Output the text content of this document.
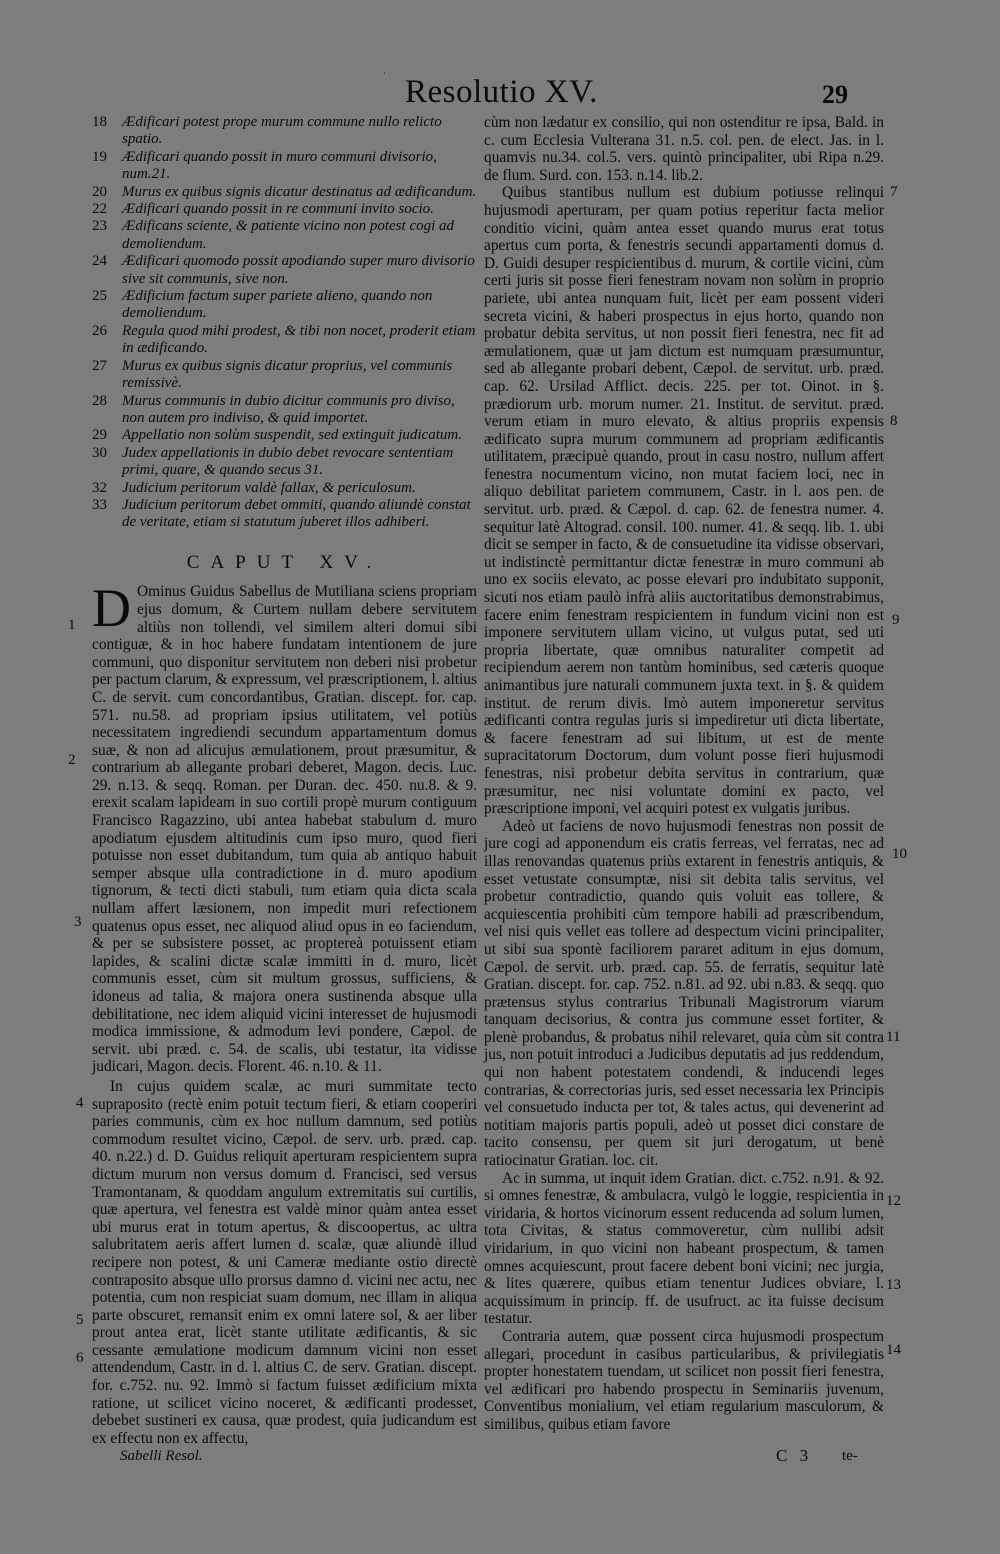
.
Resolutio XV.	29
18 Ædificari potest prope murum commune nullo relicto spatio.
19 Ædificari quando possit in muro communi divisorio, num.21.
20 Murus ex quibus signis dicatur destinatus ad ædificandum.
22 Ædificari quando possit in re communi invito socio.
23 Ædificans sciente, & patiente vicino non potest cogi ad demoliendum.
24 Ædificari quomodo possit apodiando super muro divisorio sive sit communis, sive non.
25 Ædificium factum super pariete alieno, quando non demoliendum.
26 Regula quod mihi prodest, & tibi non nocet, proderit etiam in ædificando.
27 Murus ex quibus signis dicatur proprius, vel communis remissivè.
28 Murus communis in dubio dicitur communis pro diviso, non autem pro indiviso, & quid importet.
29 Appellatio non solùm suspendit, sed extinguit judicatum.
30 Judex appellationis in dubio debet revocare sententiam primi, quare, & quando secus 31.
32 Judicium peritorum valdè fallax, & periculosum.
33 Judicium peritorum debet ommiti, quando aliundè constat de veritate, etiam si statutum juberet illos adhiberi.
CAPUT XV.

D Ominus Guidus Sabellus de Mutiliana sciens propriam ejus domum, & Curtem nullam debere servitutem altiùs non tollendi, vel similem alteri domui sibi contiguæ, & in hoc habere fundatam intentionem de jure communi, quo disponitur servitutem non deberi nisi probetur per pactum clarum, & expressum, vel præscriptionem, l. altius C. de servit. cum concordantibus, Gratian. discept. for. cap. 571. nu.58. ad propriam ipsius utilitatem, vel potiùs necessitatem ingrediendi secundum appartamentum domus suæ, & non ad alicujus æmulationem, prout præsumitur, & contrarium ab allegante probari deberet, Magon. decis. Luc. 29. n.13. & seqq. Roman. per Duran. dec. 450. nu.8. & 9. erexit scalam lapideam in suo cortili propè murum contiguum Francisco Ragazzino, ubi antea habebat stabulum d. muro apodiatum ejusdem altitudinis cum ipso muro, quod fieri potuisse non esset dubitandum, tum quia ab antiquo habuit semper absque ulla contradictione in d. muro apodium tignorum, & tecti dicti stabuli, tum etiam quia dicta scala nullam affert læsionem, non impedit muri refectionem quatenus opus esset, nec aliquod aliud opus in eo faciendum, & per se subsistere posset, ac proptereà potuissent etiam lapides, & scalini dictæ scalæ immitti in d. muro, licèt communis esset, cùm sit multum grossus, sufficiens, & idoneus ad talia, & majora onera sustinenda absque ulla debilitatione, nec idem aliquid vicini interesset de hujusmodi modica immissione, & admodum levi pondere, Cæpol. de servit. ubi præd. c. 54. de scalis, ubi testatur, ita vidisse judicari, Magon. decis. Florent. 46. n.10. & 11.

In cujus quidem scalæ, ac muri summitate tecto supraposito (rectè enim potuit tectum fieri, & etiam cooperiri paries communis, cùm ex hoc nullum damnum, sed potiùs commodum resultet vicino, Cæpol. de serv. urb. præd. cap. 40. n.22.) d. D. Guidus reliquit aperturam respicientem supra dictum murum non versus domum d. Francisci, sed versus Tramontanam, & quoddam angulum extremitatis sui curtilis, quæ apertura, vel fenestra est valdè minor quàm antea esset ubi murus erat in totum apertus, & discoopertus, ac ultra salubritatem aeris affert lumen d. scalæ, quæ aliundè illud recipere non potest, & uni Cameræ mediante ostio directè contraposito absque ullo prorsus damno d. vicini nec actu, nec potentia, cum non respiciat suam domum, nec illam in aliqua parte obscuret, remansit enim ex omni latere sol, & aer liber prout antea erat, licèt stante utilitate ædificantis, & sic cessante æmulatione modicum damnum vicini non esset attendendum, Castr. in d. l. altius C. de serv. Gratian. discept. for. c.752. nu. 92. Immò si factum fuisset ædificium mixta ratione, ut scilicet vicino noceret, & ædificanti prodesset, debebet sustineri ex causa, quæ prodest, quia judicandum est ex effectu non ex affectu,

cùm non lædatur ex consilio, qui non ostenditur re ipsa, Bald. in c. cum Ecclesia Vulterana 31. n.5. col. pen. de elect. Jas. in l. quamvis nu.34. col.5. vers. quintò principaliter, ubi Ripa n.29. de flum. Surd. con. 153. n.14. lib.2.

Quibus stantibus nullum est dubium potiusse relinqui hujusmodi aperturam, per quam potius reperitur facta melior conditio vicini, quàm antea esset quando murus erat totus apertus cum porta, & fenestris secundi appartamenti domus d. D. Guidi desuper respicientibus d. murum, & cortile vicini, cùm certi juris sit posse fieri fenestram novam non solùm in proprio pariete, ubi antea nunquam fuit, licèt per eam possent videri secreta vicini, & haberi prospectus in ejus horto, quando non probatur debita servitus, ut non possit fieri fenestra, nec fit ad æmulationem, quæ ut jam dictum est numquam præsumuntur, sed ab allegante probari debent, Cæpol. de servitut. urb. præd. cap. 62. Ursilad Afflict. decis. 225. per tot. Oinot. in §. prædiorum urb. morum numer. 21. Institut. de servitut. præd. verum etiam in muro elevato, & altius propriis expensis ædificato supra murum communem ad propriam ædificantis utilitatem, præcipuè quando, prout in casu nostro, nullum affert fenestra nocumentum vicino, non mutat faciem loci, nec in aliquo debilitat parietem communem, Castr. in l. aos pen. de servitut. urb. præd. & Cæpol. d. cap. 62. de fenestra numer. 4. sequitur latè Altograd. consil. 100. numer. 41. & seqq. lib. 1. ubi dicit se semper in facto, & de consuetudine ita vidisse observari, ut indistinctè permittantur dictæ fenestræ in muro communi ab uno ex sociis elevato, ac posse elevari pro indubitato supponit, sicuti nos etiam paulò infrà aliis auctoritatibus demonstrabimus, facere enim fenestram respicientem in fundum vicini non est imponere servitutem ullam vicino, ut vulgus putat, sed uti propria libertate, quæ omnibus naturaliter competit ad recipiendum aerem non tantùm hominibus, sed cæteris quoque animantibus jure naturali communem juxta text. in §. & quidem institut. de rerum divis. Imò autem imponeretur servitus ædificanti contra regulas juris si impediretur uti dicta libertate, & facere fenestram ad sui libitum, ut est de mente supracitatorum Doctorum, dum volunt posse fieri hujusmodi fenestras, nisi probetur debita servitus in contrarium, quæ præsumitur, nec nisi voluntate domini ex pacto, vel præscriptione imponi, vel acquiri potest ex vulgatis juribus.

Adeò ut faciens de novo hujusmodi fenestras non possit de jure cogi ad apponendum eis cratis ferreas, vel ferratas, nec ad illas renovandas quatenus priùs extarent in fenestris antiquis, & esset vetustate consumptæ, nisi sit debita talis servitus, vel probetur contradictio, quando quis voluit eas tollere, & acquiescentia prohibiti cùm tempore habili ad præscribendum, vel nisi quis vellet eas tollere ad despectum vicini principaliter, ut sibi sua spontè faciliorem pararet aditum in ejus domum, Cæpol. de servit. urb. præd. cap. 55. de ferratis, sequitur latè Gratian. discept. for. cap. 752. n.81. ad 92. ubi n.83. & seqq. quo prætensus stylus contrarius Tribunali Magistrorum viarum tanquam decisorius, & contra jus commune esset fortiter, & plenè probandus, & probatus nihil relevaret, quia cùm sit contra jus, non potuit introduci a Judicibus deputatis ad jus reddendum, qui non habent potestatem condendi, & inducendi leges contrarias, & correctorias juris, sed esset necessaria lex Principis vel consuetudo inducta per tot, & tales actus, qui devenerint ad notitiam majoris partis populi, adeò ut posset dici constare de tacito consensu, per quem sit juri derogatum, ut benè ratiocinatur Gratian. loc. cit.

Ac in summa, ut inquit idem Gratian. dict. c.752. n.91. & 92. si omnes fenestræ, & ambulacra, vulgò le loggie, respicientia in viridaria, & hortos vicinorum essent reducenda ad solum lumen, tota Civitas, & status commoveretur, cùm nullibi adsit viridarium, in quo vicini non habeant prospectum, & tamen omnes acquiescunt, prout facere debent boni vicini; nec jurgia, & lites quærere, quibus etiam tenentur Judices obviare, l. acquissimum in princip. ff. de usufruct. ac ita fuisse decisum testatur.

Contraria autem, quæ possent circa hujusmodi prospectum allegari, procedunt in casibus particularibus, & privilegiatis propter honestatem tuendam, ut scilicet non possit fieri fenestra, vel ædificari pro habendo prospectu in Seminariis juvenum, Conventibus monialium, vel etiam regularium masculorum, & similibus, quibus etiam favore

1
2
3
4
5
6
7
8
9
10
11
12
13
14
Sabelli Resol.	C 3 te-
